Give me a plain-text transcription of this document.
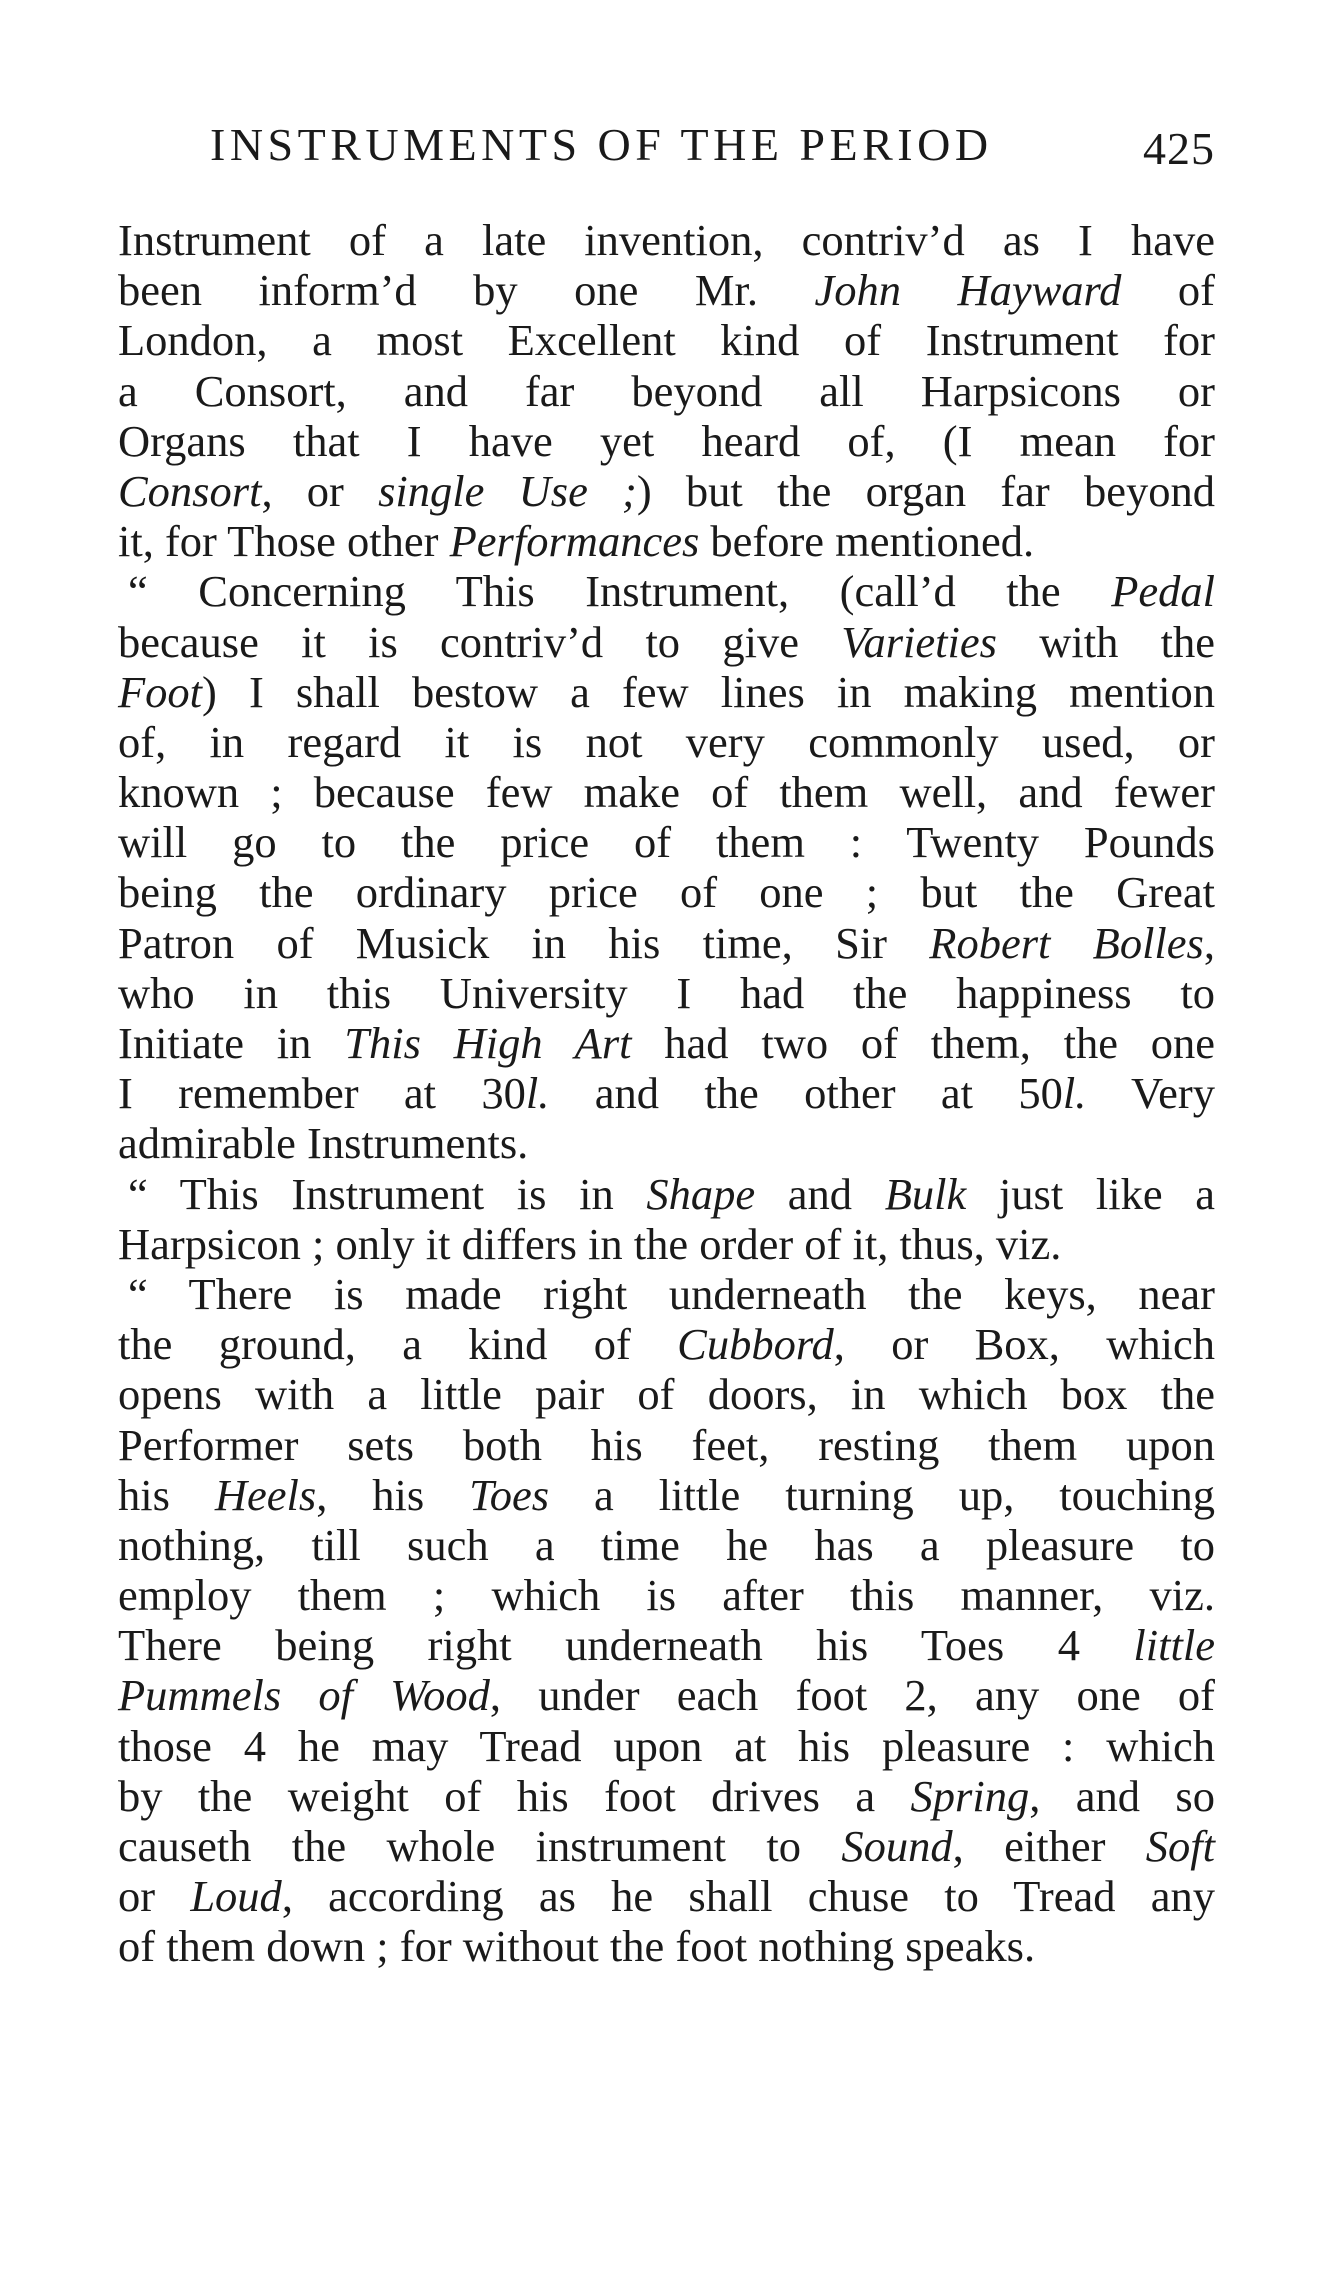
INSTRUMENTS OF THE PERIOD	425
Instrument of a late invention, contriv’d as I have
been inform’d by one Mr. John Hayward of
London, a most Excellent kind of Instrument for
a Consort, and far beyond all Harpsicons or
Organs that I have yet heard of, (I mean for
Consort, or single Use ;) but the organ far beyond
it, for Those other Performances before mentioned.
“ Concerning This Instrument, (call’d the Pedal
because it is contriv’d to give Varieties with the
Foot) I shall bestow a few lines in making mention
of, in regard it is not very commonly used, or
known ; because few make of them well, and fewer
will go to the price of them : Twenty Pounds
being the ordinary price of one ; but the Great
Patron of Musick in his time, Sir Robert Bolles,
who in this University I had the happiness to
Initiate in This High Art had two of them, the one
I remember at 30l. and the other at 50l. Very
admirable Instruments.
“ This Instrument is in Shape and Bulk just like a
Harpsicon ; only it differs in the order of it, thus, viz.
“ There is made right underneath the keys, near
the ground, a kind of Cubbord, or Box, which
opens with a little pair of doors, in which box the
Performer sets both his feet, resting them upon
his Heels, his Toes a little turning up, touching
nothing, till such a time he has a pleasure to
employ them ; which is after this manner, viz.
There being right underneath his Toes 4 little
Pummels of Wood, under each foot 2, any one of
those 4 he may Tread upon at his pleasure : which
by the weight of his foot drives a Spring, and so
causeth the whole instrument to Sound, either Soft
or Loud, according as he shall chuse to Tread any
of them down ; for without the foot nothing speaks.
